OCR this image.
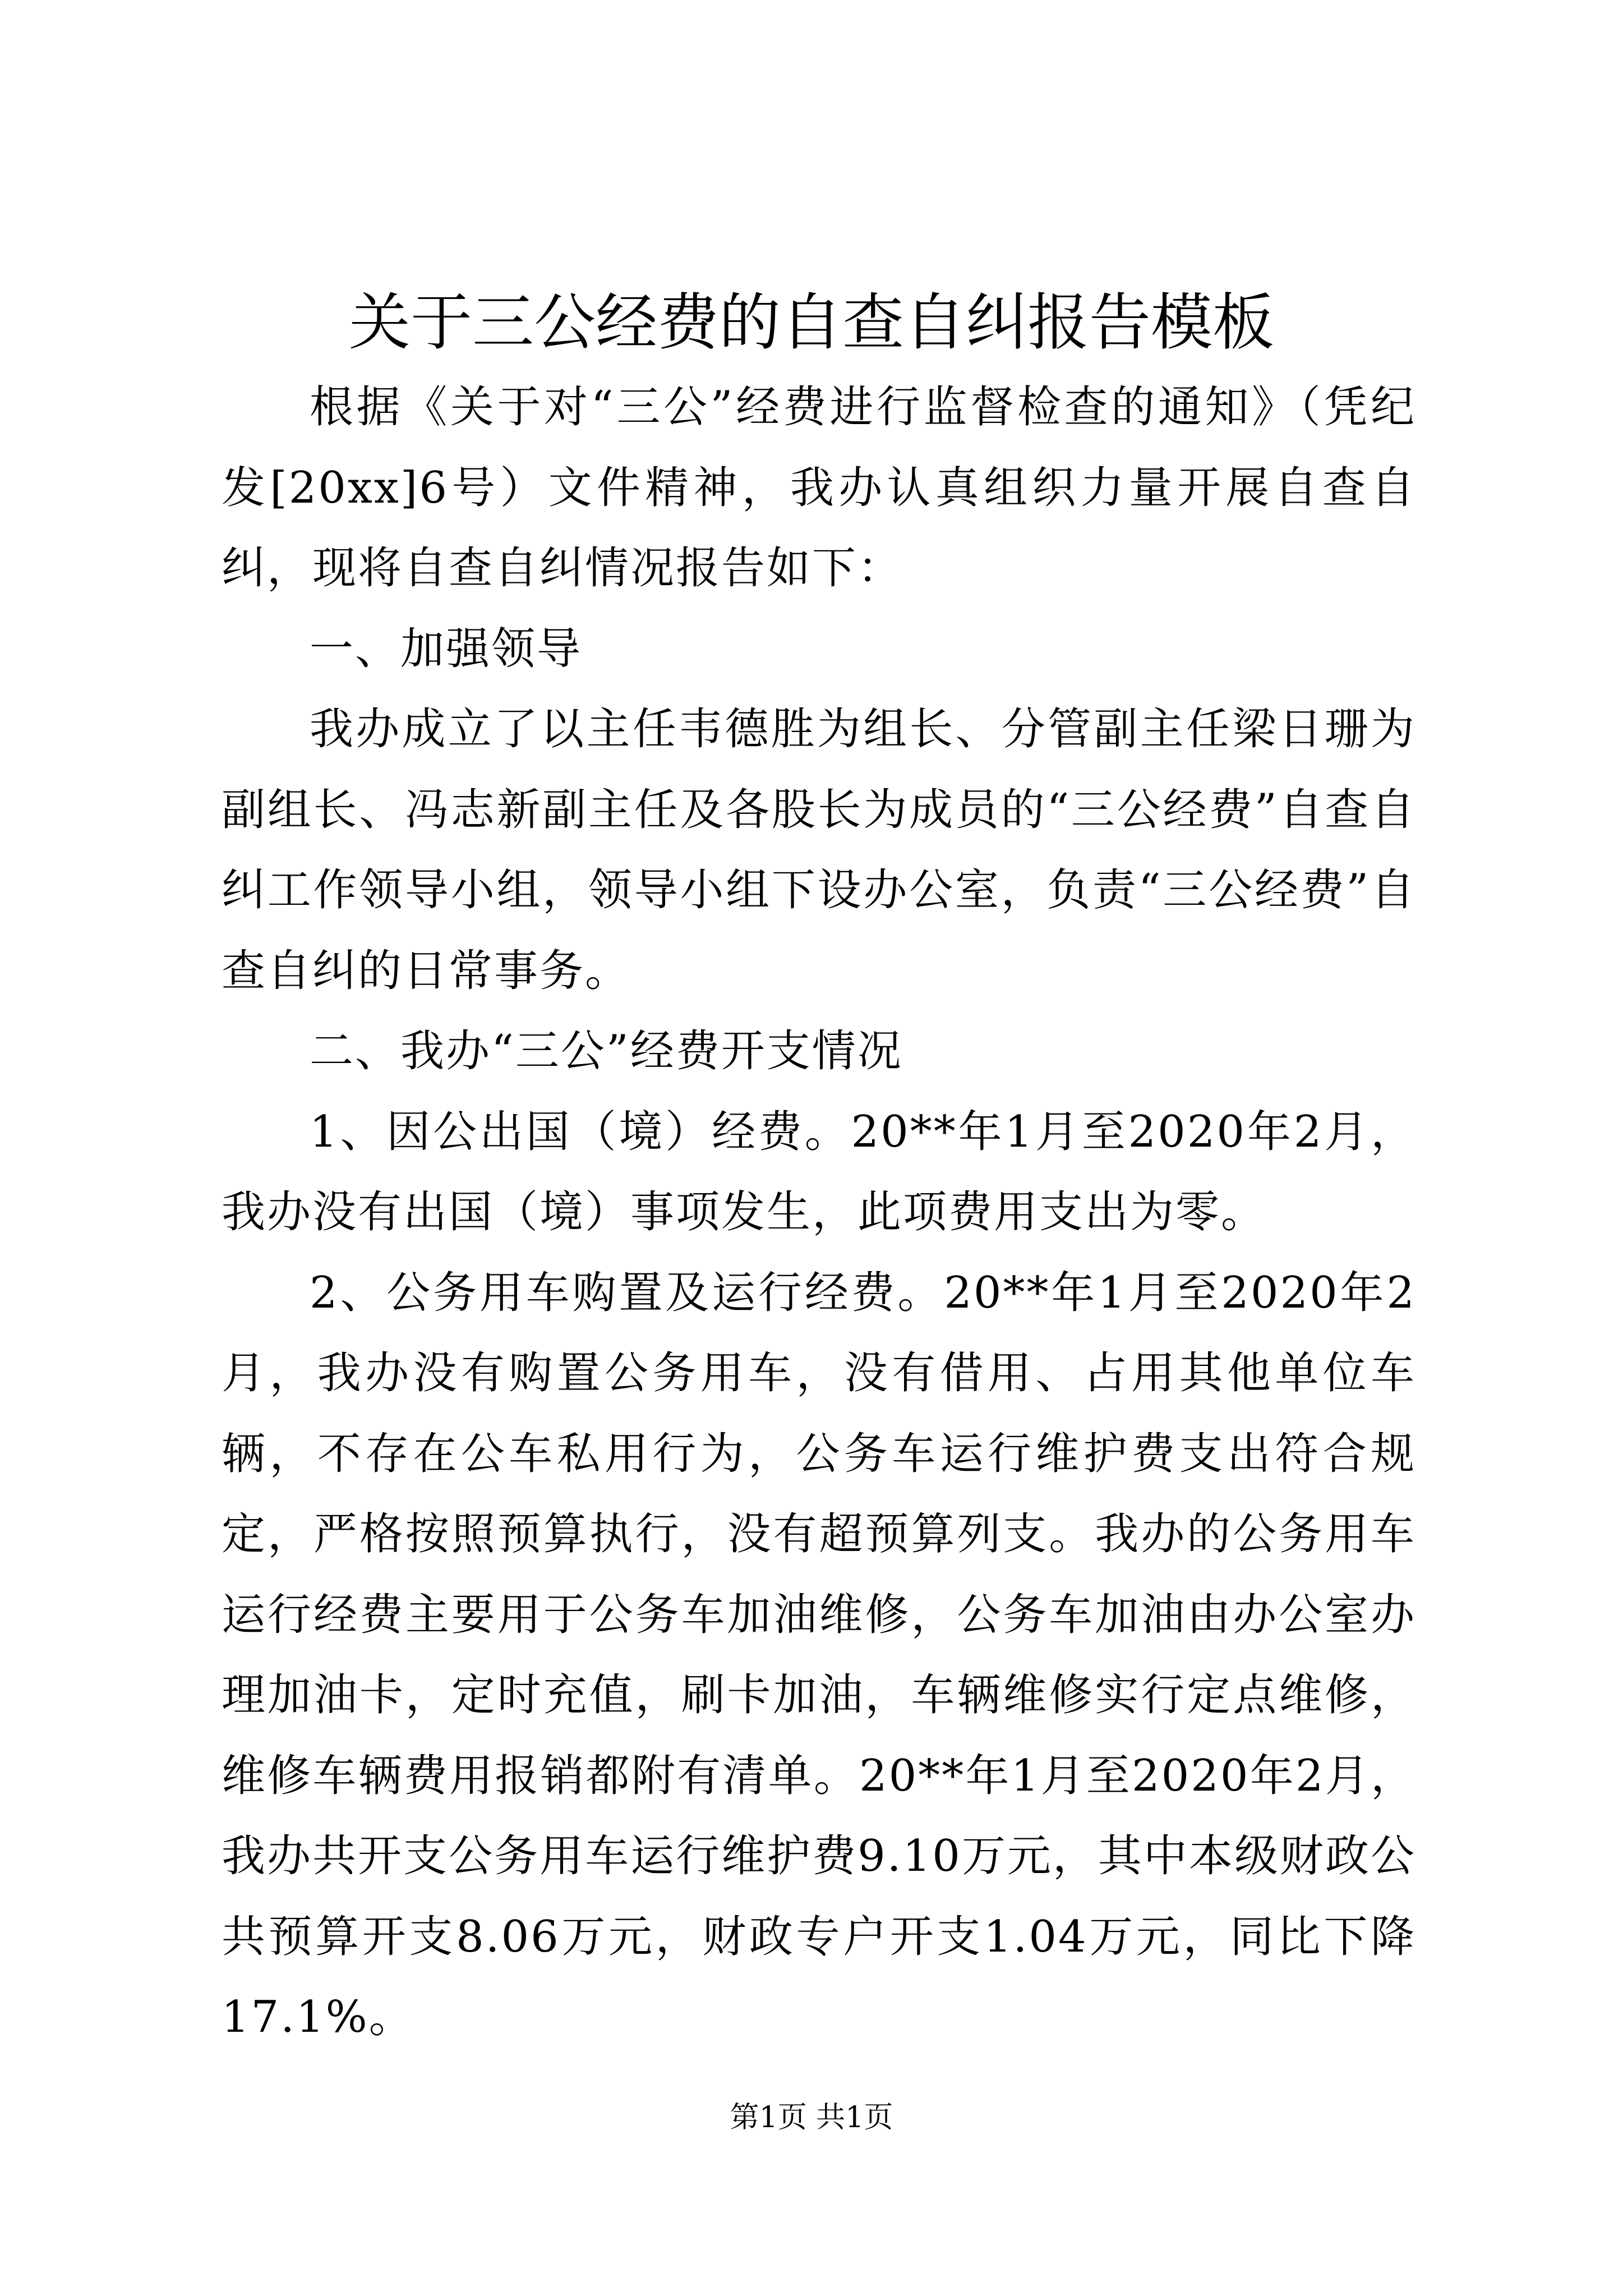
关于三公经费的自查自纠报告模板

根据《关于对“三公”经费进行监督检查的通知》（凭纪发[20xx]6号）文件精神，我办认真组织力量开展自查自纠，现将自查自纠情况报告如下：

一、加强领导

我办成立了以主任韦德胜为组长、分管副主任梁日珊为副组长、冯志新副主任及各股长为成员的“三公经费”自查自纠工作领导小组，领导小组下设办公室，负责“三公经费”自查自纠的日常事务。

二、我办“三公”经费开支情况

1、因公出国（境）经费。20**年1月至2020年2月，我办没有出国（境）事项发生，此项费用支出为零。

2、公务用车购置及运行经费。20**年1月至2020年2月，我办没有购置公务用车，没有借用、占用其他单位车辆，不存在公车私用行为，公务车运行维护费支出符合规定，严格按照预算执行，没有超预算列支。我办的公务用车运行经费主要用于公务车加油维修，公务车加油由办公室办理加油卡，定时充值，刷卡加油，车辆维修实行定点维修，维修车辆费用报销都附有清单。20**年1月至2020年2月，我办共开支公务用车运行维护费9.10万元，其中本级财政公共预算开支8.06万元，财政专户开支1.04万元，同比下降17.1%。

第1页 共1页
